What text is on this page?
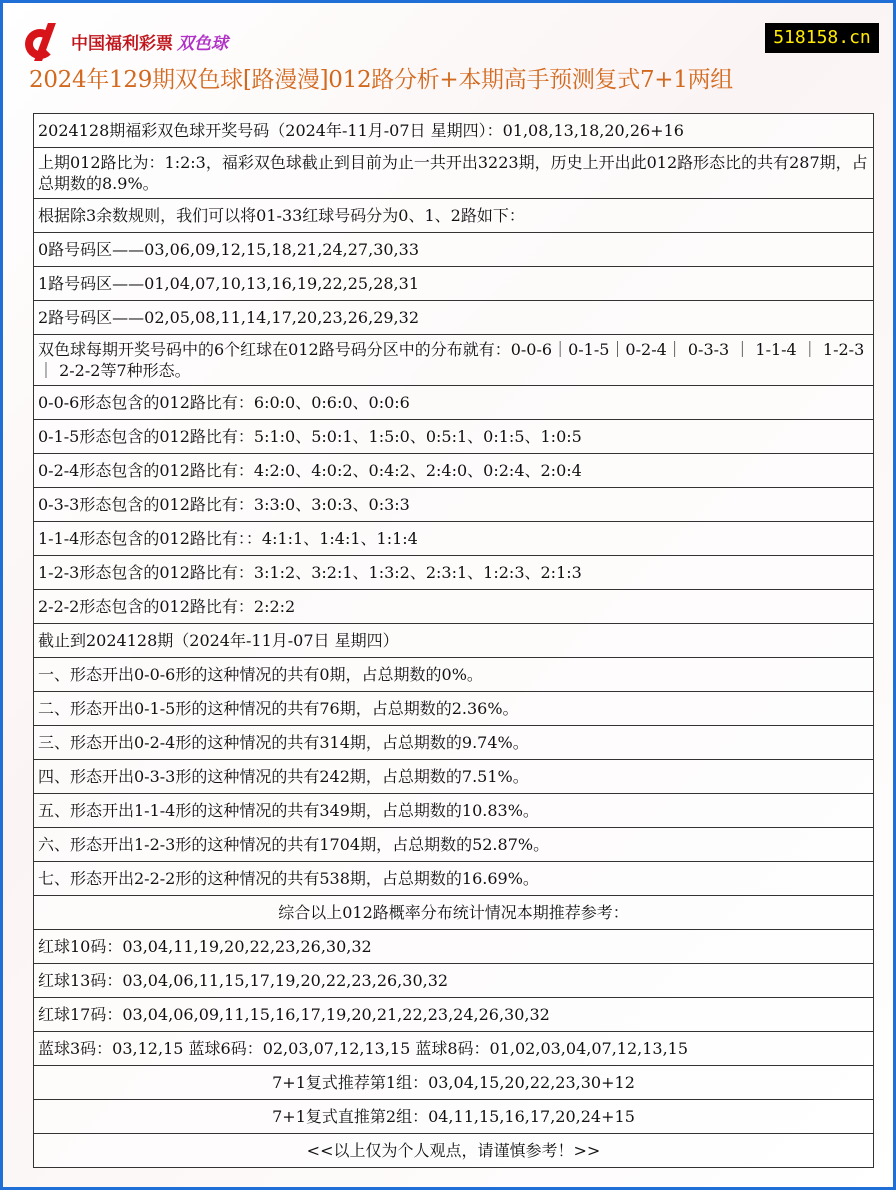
中国福利彩票 双色球	518158.cn
2024年129期双色球[路漫漫]012路分析+本期高手预测复式7+1两组
2024128期福彩双色球开奖号码（2024年-11月-07日 星期四）：01,08,13,18,20,26+16
上期012路比为：1:2:3，福彩双色球截止到目前为止一共开出3223期，历史上开出此012路形态比的共有287期，占总期数的8.9%。
根据除3余数规则，我们可以将01-33红球号码分为0、1、2路如下：
0路号码区——03,06,09,12,15,18,21,24,27,30,33
1路号码区——01,04,07,10,13,16,19,22,25,28,31
2路号码区——02,05,08,11,14,17,20,23,26,29,32
双色球每期开奖号码中的6个红球在012路号码分区中的分布就有：0-0-6｜0-1-5｜0-2-4｜ 0-3-3 ｜ 1-1-4 ｜ 1-2-3 ｜ 2-2-2等7种形态。
0-0-6形态包含的012路比有：6:0:0、0:6:0、0:0:6
0-1-5形态包含的012路比有：5:1:0、5:0:1、1:5:0、0:5:1、0:1:5、1:0:5
0-2-4形态包含的012路比有：4:2:0、4:0:2、0:4:2、2:4:0、0:2:4、2:0:4
0-3-3形态包含的012路比有：3:3:0、3:0:3、0:3:3
1-1-4形态包含的012路比有：：4:1:1、1:4:1、1:1:4
1-2-3形态包含的012路比有：3:1:2、3:2:1、1:3:2、2:3:1、1:2:3、2:1:3
2-2-2形态包含的012路比有：2:2:2
截止到2024128期（2024年-11月-07日 星期四）
一、形态开出0-0-6形的这种情况的共有0期，占总期数的0%。
二、形态开出0-1-5形的这种情况的共有76期，占总期数的2.36%。
三、形态开出0-2-4形的这种情况的共有314期，占总期数的9.74%。
四、形态开出0-3-3形的这种情况的共有242期，占总期数的7.51%。
五、形态开出1-1-4形的这种情况的共有349期，占总期数的10.83%。
六、形态开出1-2-3形的这种情况的共有1704期，占总期数的52.87%。
七、形态开出2-2-2形的这种情况的共有538期，占总期数的16.69%。
综合以上012路概率分布统计情况本期推荐参考：
红球10码：03,04,11,19,20,22,23,26,30,32
红球13码：03,04,06,11,15,17,19,20,22,23,26,30,32
红球17码：03,04,06,09,11,15,16,17,19,20,21,22,23,24,26,30,32
蓝球3码：03,12,15 蓝球6码：02,03,07,12,13,15 蓝球8码：01,02,03,04,07,12,13,15
7+1复式推荐第1组：03,04,15,20,22,23,30+12
7+1复式直推第2组：04,11,15,16,17,20,24+15
<<以上仅为个人观点，请谨慎参考！>>
